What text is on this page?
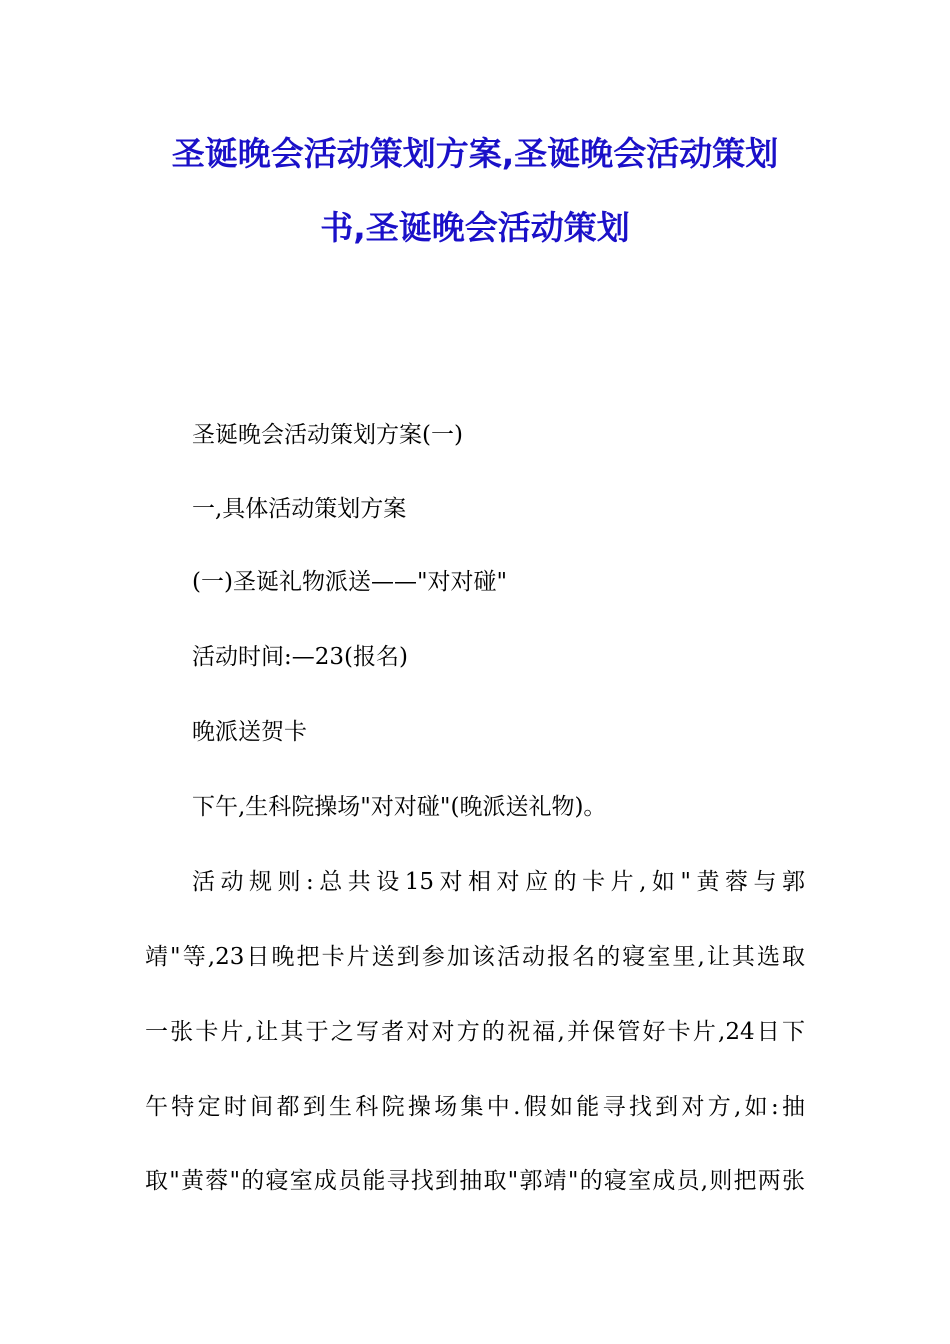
圣诞晚会活动策划方案,圣诞晚会活动策划
书,圣诞晚会活动策划
圣诞晚会活动策划方案(一)
一,具体活动策划方案
(一)圣诞礼物派送——"对对碰"
活动时间:—23(报名)
晚派送贺卡
下午,生科院操场"对对碰"(晚派送礼物)。
活动规则:总共设15对相对应的卡片,如"黄蓉与郭
靖"等,23日晚把卡片送到参加该活动报名的寝室里,让其选取
一张卡片,让其于之写者对对方的祝福,并保管好卡片,24日下
午特定时间都到生科院操场集中.假如能寻找到对方,如:抽
取"黄蓉"的寝室成员能寻找到抽取"郭靖"的寝室成员,则把两张
